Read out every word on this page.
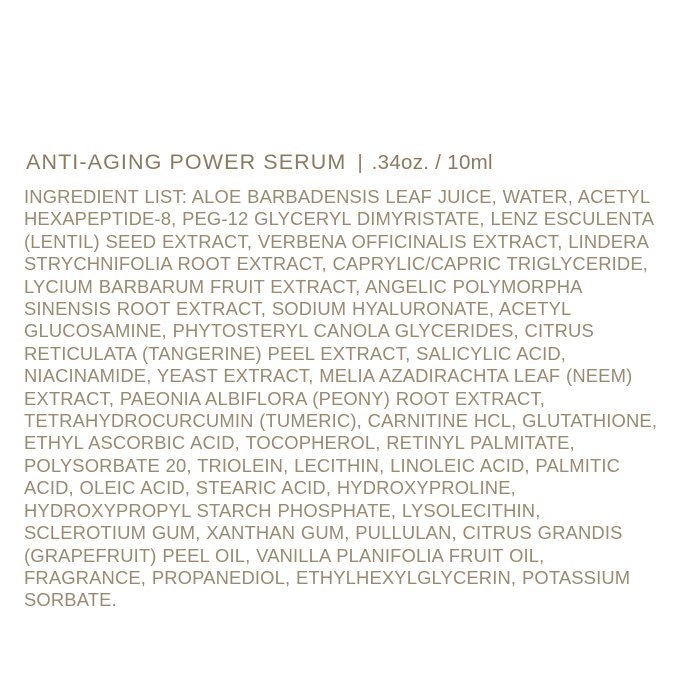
ANTI-AGING POWER SERUM | .34oz. / 10ml
INGREDIENT LIST: ALOE BARBADENSIS LEAF JUICE, WATER, ACETYL HEXAPEPTIDE-8, PEG-12 GLYCERYL DIMYRISTATE, LENZ ESCULENTA (LENTIL) SEED EXTRACT, VERBENA OFFICINALIS EXTRACT, LINDERA STRYCHNIFOLIA ROOT EXTRACT, CAPRYLIC/CAPRIC TRIGLYCERIDE, LYCIUM BARBARUM FRUIT EXTRACT, ANGELIC POLYMORPHA SINENSIS ROOT EXTRACT, SODIUM HYALURONATE, ACETYL GLUCOSAMINE, PHYTOSTERYL CANOLA GLYCERIDES, CITRUS RETICULATA (TANGERINE) PEEL EXTRACT, SALICYLIC ACID, NIACINAMIDE, YEAST EXTRACT, MELIA AZADIRACHTA LEAF (NEEM) EXTRACT, PAEONIA ALBIFLORA (PEONY) ROOT EXTRACT, TETRAHYDROCURCUMIN (TUMERIC), CARNITINE HCL, GLUTATHIONE, ETHYL ASCORBIC ACID, TOCOPHEROL, RETINYL PALMITATE, POLYSORBATE 20, TRIOLEIN, LECITHIN, LINOLEIC ACID, PALMITIC ACID, OLEIC ACID, STEARIC ACID, HYDROXYPROLINE, HYDROXYPROPYL STARCH PHOSPHATE, LYSOLECITHIN, SCLEROTIUM GUM, XANTHAN GUM, PULLULAN, CITRUS GRANDIS (GRAPEFRUIT) PEEL OIL, VANILLA PLANIFOLIA FRUIT OIL, FRAGRANCE, PROPANEDIOL, ETHYLHEXYLGLYCERIN, POTASSIUM SORBATE.
